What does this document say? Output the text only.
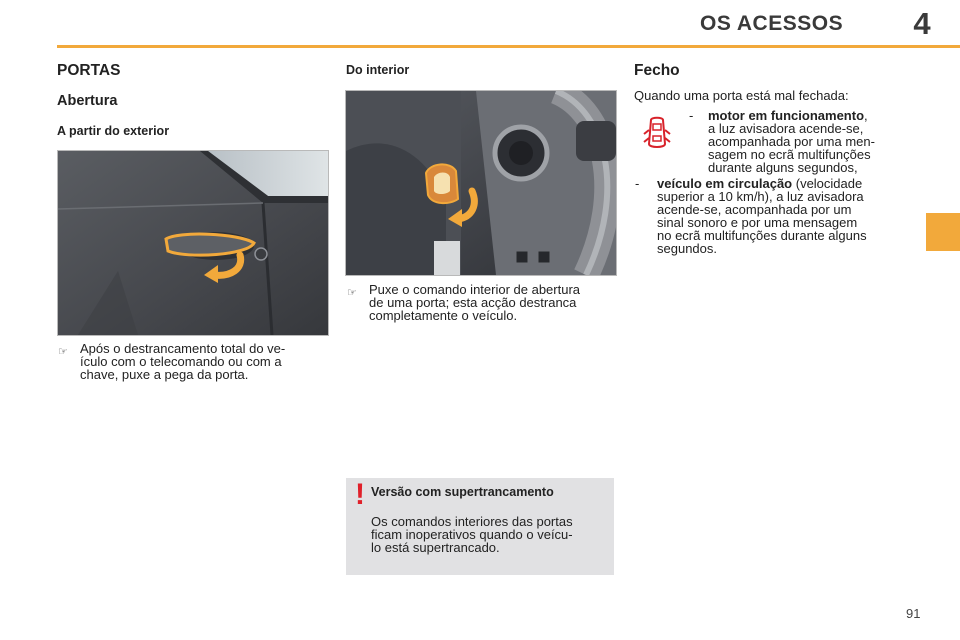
OS ACESSOS	4
PORTAS
Abertura
A partir do exterior
☞ Após o destrancamento total do ve-
ículo com o telecomando ou com a
chave, puxe a pega da porta.
Do interior
☞ Puxe o comando interior de abertura
de uma porta; esta acção destranca
completamente o veículo.
! Versão com supertrancamento
Os comandos interiores das portas
ficam inoperativos quando o veícu-
lo está supertrancado.
Fecho

Quando uma porta está mal fechada:

- motor em funcionamento,
a luz avisadora acende-se,
acompanhada por uma men-
sagem no ecrã multifunções
durante alguns segundos,
- veículo em circulação (velocidade
superior a 10 km/h), a luz avisadora
acende-se, acompanhada por um
sinal sonoro e por uma mensagem
no ecrã multifunções durante alguns
segundos.
91
